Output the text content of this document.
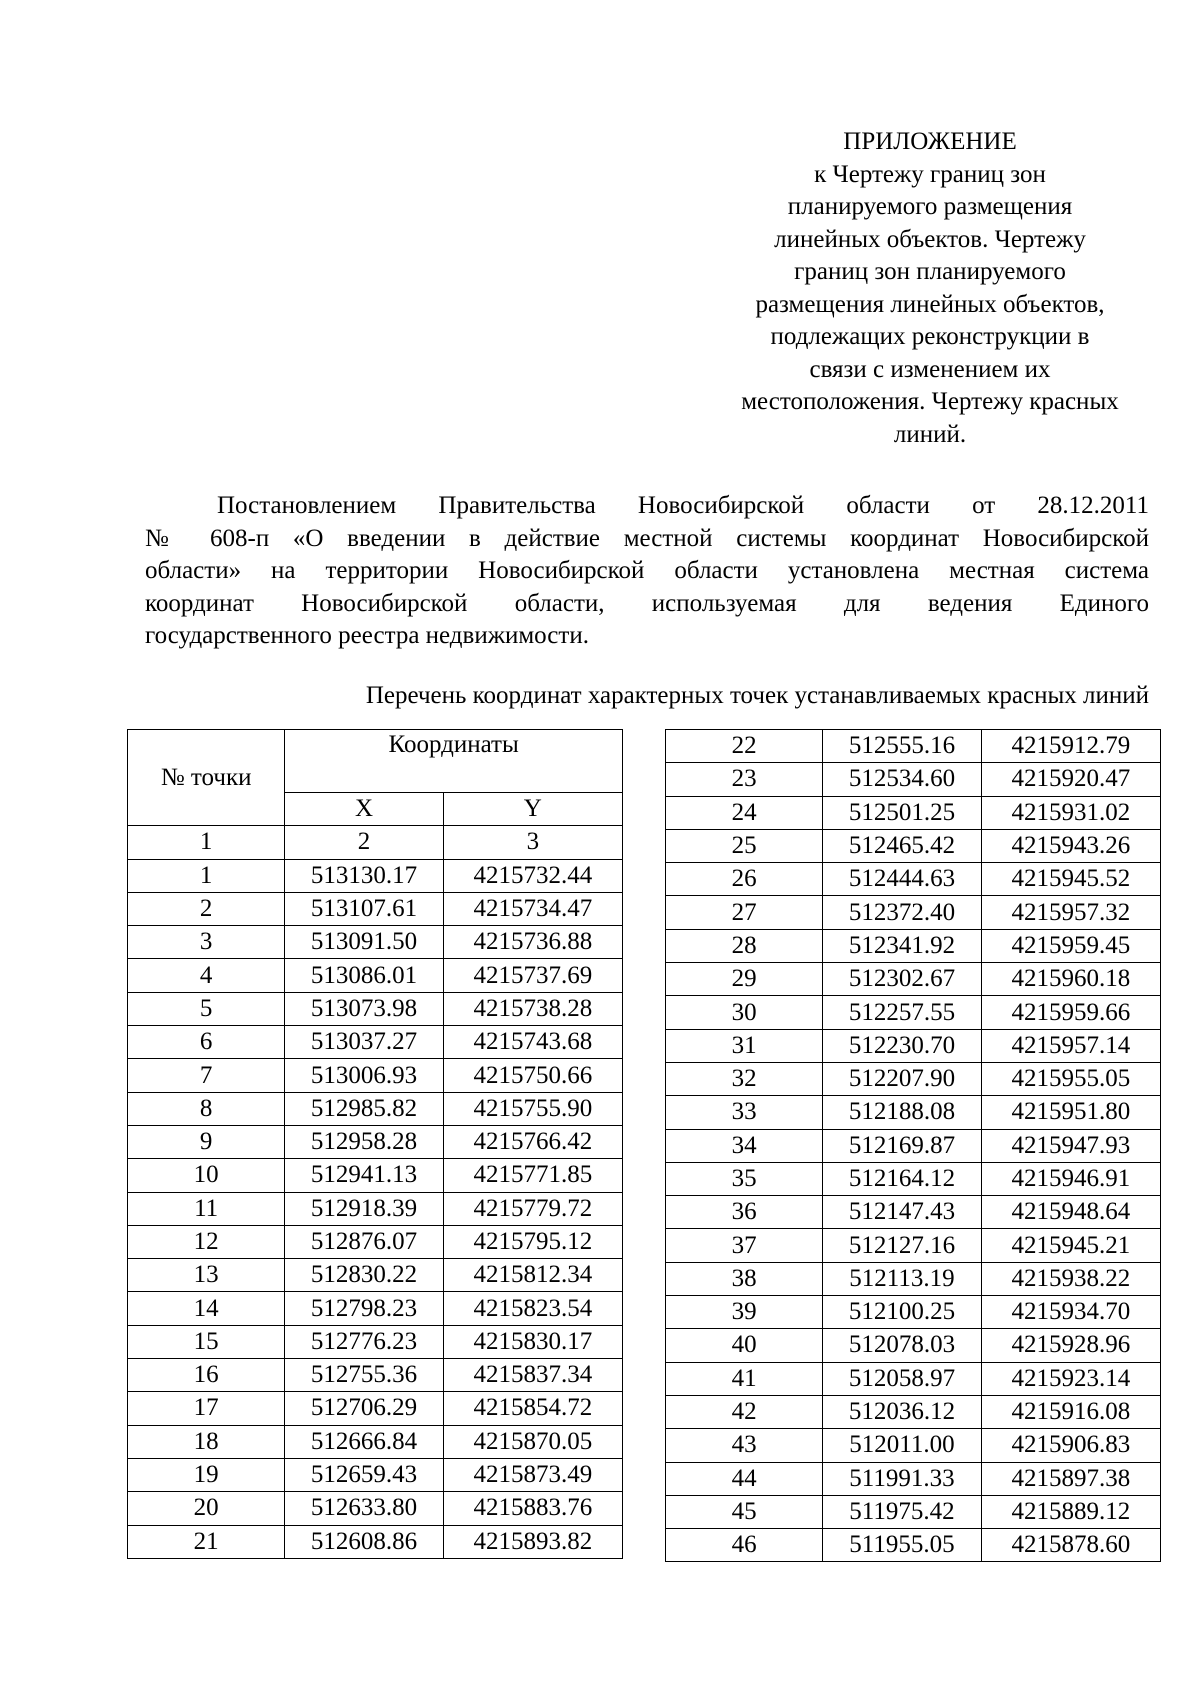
ПРИЛОЖЕНИЕ
к Чертежу границ зон
планируемого размещения
линейных объектов. Чертежу
границ зон планируемого
размещения линейных объектов,
подлежащих реконструкции в
связи с изменением их
местоположения. Чертежу красных
линий.
Постановлением Правительства Новосибирской области от 28.12.2011
№ 608-п «О введении в действие местной системы координат Новосибирской
области» на территории Новосибирской области установлена местная система
координат Новосибирской области, используемая для ведения Единого
государственного реестра недвижимости.
Перечень координат характерных точек устанавливаемых красных линий
№ точки	Координаты	
	X	Y
1	2	3
1	513130.17	4215732.44
2	513107.61	4215734.47
3	513091.50	4215736.88
4	513086.01	4215737.69
5	513073.98	4215738.28
6	513037.27	4215743.68
7	513006.93	4215750.66
8	512985.82	4215755.90
9	512958.28	4215766.42
10	512941.13	4215771.85
11	512918.39	4215779.72
12	512876.07	4215795.12
13	512830.22	4215812.34
14	512798.23	4215823.54
15	512776.23	4215830.17
16	512755.36	4215837.34
17	512706.29	4215854.72
18	512666.84	4215870.05
19	512659.43	4215873.49
20	512633.80	4215883.76
21	512608.86	4215893.82
22	512555.16	4215912.79
23	512534.60	4215920.47
24	512501.25	4215931.02
25	512465.42	4215943.26
26	512444.63	4215945.52
27	512372.40	4215957.32
28	512341.92	4215959.45
29	512302.67	4215960.18
30	512257.55	4215959.66
31	512230.70	4215957.14
32	512207.90	4215955.05
33	512188.08	4215951.80
34	512169.87	4215947.93
35	512164.12	4215946.91
36	512147.43	4215948.64
37	512127.16	4215945.21
38	512113.19	4215938.22
39	512100.25	4215934.70
40	512078.03	4215928.96
41	512058.97	4215923.14
42	512036.12	4215916.08
43	512011.00	4215906.83
44	511991.33	4215897.38
45	511975.42	4215889.12
46	511955.05	4215878.60
